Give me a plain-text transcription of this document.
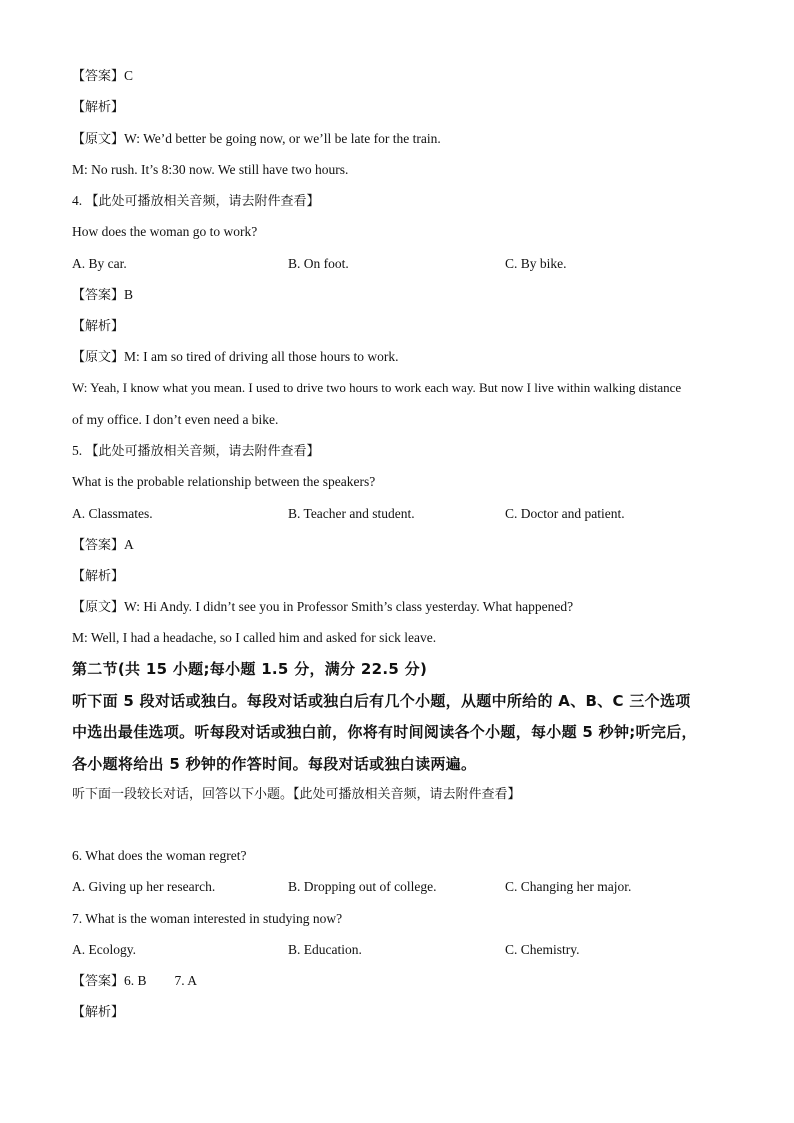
【答案】C
【解析】
【原文】W: We’d better be going now, or we’ll be late for the train.
M: No rush. It’s 8:30 now. We still have two hours.
4. 【此处可播放相关音频，请去附件查看】
How does the woman go to work?
A. By car.	B. On foot.	C. By bike.
【答案】B
【解析】
【原文】M: I am so tired of driving all those hours to work.
W: Yeah, I know what you mean. I used to drive two hours to work each way. But now I live within walking distance
of my office. I don’t even need a bike.
5. 【此处可播放相关音频，请去附件查看】
What is the probable relationship between the speakers?
A. Classmates.	B. Teacher and student.	C. Doctor and patient.
【答案】A
【解析】
【原文】W: Hi Andy. I didn’t see you in Professor Smith’s class yesterday. What happened?
M: Well, I had a headache, so I called him and asked for sick leave.
第二节(共 15 小题;每小题 1.5 分，满分 22.5 分)
听下面 5 段对话或独白。每段对话或独白后有几个小题，从题中所给的 A、B、C 三个选项
中选出最佳选项。听每段对话或独白前，你将有时间阅读各个小题，每小题 5 秒钟;听完后，
各小题将给出 5 秒钟的作答时间。每段对话或独白读两遍。
听下面一段较长对话，回答以下小题。【此处可播放相关音频，请去附件查看】
6. What does the woman regret?
A. Giving up her research.	B. Dropping out of college.	C. Changing her major.
7. What is the woman interested in studying now?
A. Ecology.	B. Education.	C. Chemistry.
【答案】6. B 7. A
【解析】
